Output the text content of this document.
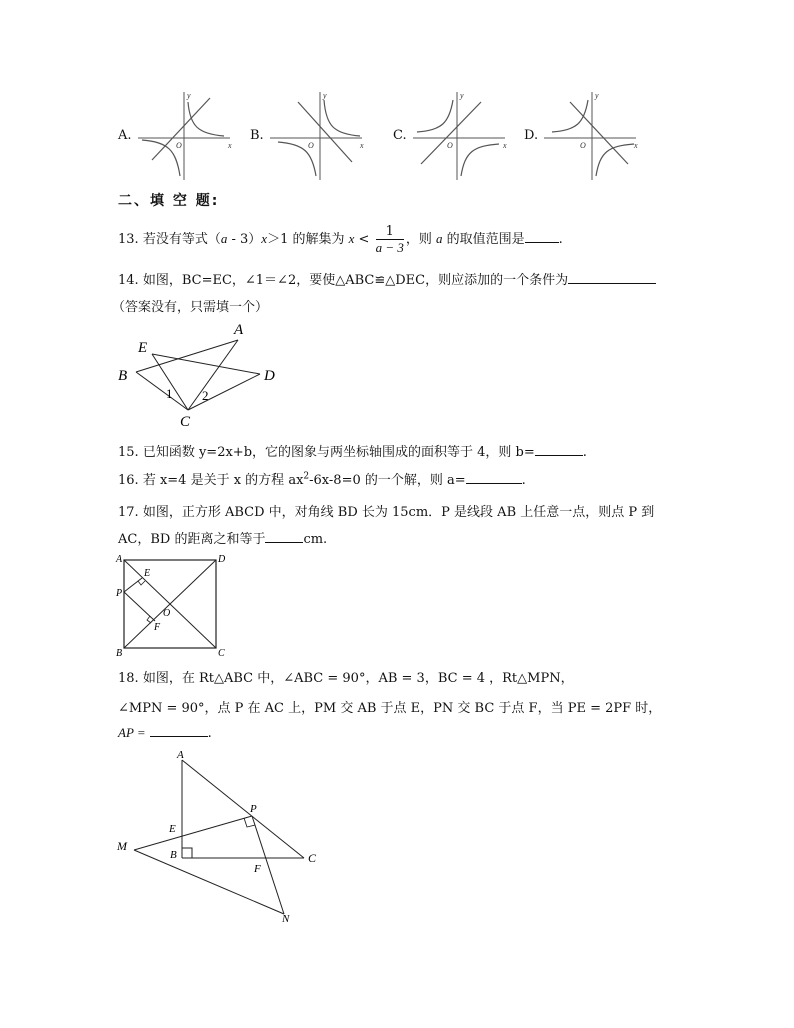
A.
x
y
O
B.
x
y
O
C.
x
y
O
D.
x
y
O
二、填 空 题:
13. 若没有等式（a - 3）x＞1 的解集为 $x < \frac{1}{a - 3}$ ，则 a 的取值范围是	.
14. 如图，BC=EC，∠1＝∠2，要使△ABC≌△DEC，则应添加的一个条件为
（答案没有，只需填一个）
A
E
B	D
C
1 2
15. 已知函数 y=2x+b，它的图象与两坐标轴围成的面积等于 4，则 b=	.
16. 若 x=4 是关于 x 的方程 $ax^2-6x-8=0$ 的一个解，则 a=	.
17. 如图，正方形 ABCD 中，对角线 BD 长为 15cm．P 是线段 AB 上任意一点，则点 P 到
AC，BD 的距离之和等于	cm.
A	D
B	C
E
F
O
P
18. 如图，在 Rt△ABC 中，∠ABC = 90°，AB = 3，BC = 4 ，Rt△MPN，
∠MPN = 90°，点 P 在 AC 上，PM 交 AB 于点 E，PN 交 BC 于点 F，当 PE = 2PF 时，
AP =	.
A
P
E
M
B	C
F
N
